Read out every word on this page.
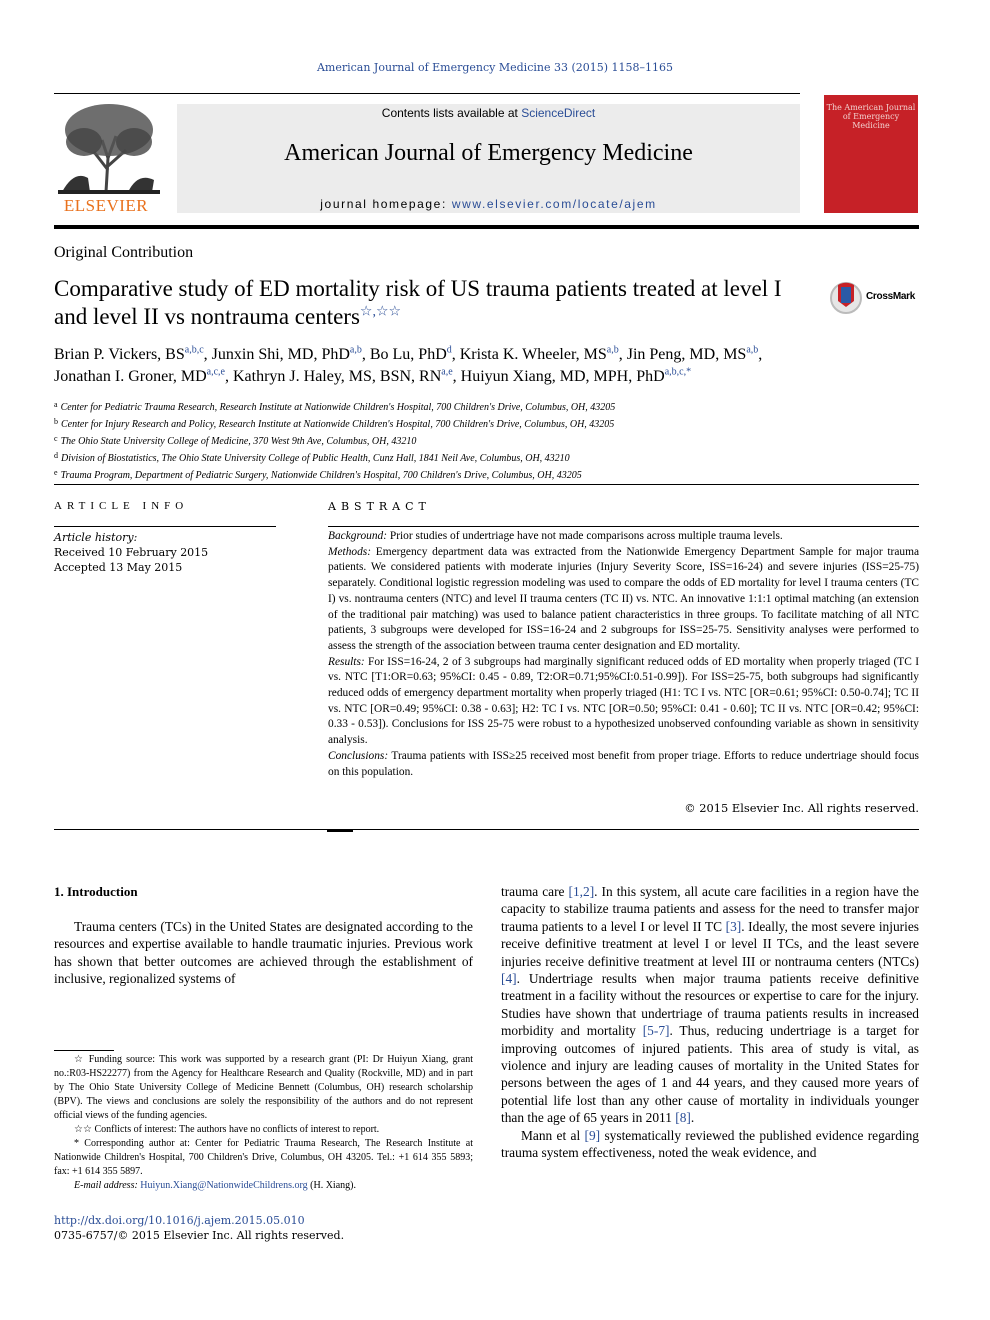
American Journal of Emergency Medicine 33 (2015) 1158–1165
ELSEVIER
Contents lists available at ScienceDirect
American Journal of Emergency Medicine
journal homepage: www.elsevier.com/locate/ajem
The American Journal of Emergency Medicine
Original Contribution
Comparative study of ED mortality risk of US trauma patients treated at level I and level II vs nontrauma centers☆,☆☆
CrossMark
Brian P. Vickers, BS$^{a,b,c}$, Junxin Shi, MD, PhD$^{a,b}$, Bo Lu, PhD$^d$, Krista K. Wheeler, MS$^{a,b}$, Jin Peng, MD, MS$^{a,b}$,
Jonathan I. Groner, MD$^{a,c,e}$, Kathryn J. Haley, MS, BSN, RN$^{a,e}$, Huiyun Xiang, MD, MPH, PhD$^{a,b,c,*}$
$^a$ Center for Pediatric Trauma Research, Research Institute at Nationwide Children's Hospital, 700 Children's Drive, Columbus, OH, 43205
$^b$ Center for Injury Research and Policy, Research Institute at Nationwide Children's Hospital, 700 Children's Drive, Columbus, OH, 43205
$^c$ The Ohio State University College of Medicine, 370 West 9th Ave, Columbus, OH, 43210
$^d$ Division of Biostatistics, The Ohio State University College of Public Health, Cunz Hall, 1841 Neil Ave, Columbus, OH, 43210
$^e$ Trauma Program, Department of Pediatric Surgery, Nationwide Children's Hospital, 700 Children's Drive, Columbus, OH, 43205
ARTICLE INFO
Article history:
Received 10 February 2015
Accepted 13 May 2015
ABSTRACT

Background: Prior studies of undertriage have not made comparisons across multiple trauma levels.

Methods: Emergency department data was extracted from the Nationwide Emergency Department Sample for major trauma patients. We considered patients with moderate injuries (Injury Severity Score, ISS=16-24) and severe injuries (ISS=25-75) separately. Conditional logistic regression modeling was used to compare the odds of ED mortality for level I trauma centers (TC I) vs. nontrauma centers (NTC) and level II trauma centers (TC II) vs. NTC. An innovative 1:1:1 optimal matching (an extension of the traditional pair matching) was used to balance patient characteristics in three groups. To facilitate matching of all NTC patients, 3 subgroups were developed for ISS=16-24 and 2 subgroups for ISS=25-75. Sensitivity analyses were performed to assess the strength of the association between trauma center designation and ED mortality.

Results: For ISS=16-24, 2 of 3 subgroups had marginally significant reduced odds of ED mortality when properly triaged (TC I vs. NTC [T1:OR=0.63; 95%CI: 0.45 - 0.89, T2:OR=0.71;95%CI:0.51-0.99]). For ISS=25-75, both subgroups had significantly reduced odds of emergency department mortality when properly triaged (H1: TC I vs. NTC [OR=0.61; 95%CI: 0.50-0.74]; TC II vs. NTC [OR=0.49; 95%CI: 0.38 - 0.63]; H2: TC I vs. NTC [OR=0.50; 95%CI: 0.41 - 0.60]; TC II vs. NTC [OR=0.42; 95%CI: 0.33 - 0.53]). Conclusions for ISS 25-75 were robust to a hypothesized unobserved confounding variable as shown in sensitivity analysis.

Conclusions: Trauma patients with ISS≥25 received most benefit from proper triage. Efforts to reduce undertriage should focus on this population.

© 2015 Elsevier Inc. All rights reserved.
1. Introduction

Trauma centers (TCs) in the United States are designated according to the resources and expertise available to handle traumatic injuries. Previous work has shown that better outcomes are achieved through the establishment of inclusive, regionalized systems of

trauma care [1,2]. In this system, all acute care facilities in a region have the capacity to stabilize trauma patients and assess for the need to transfer major trauma patients to a level I or level II TC [3]. Ideally, the most severe injuries receive definitive treatment at level I or level II TCs, and the least severe injuries receive definitive treatment at level III or nontrauma centers (NTCs) [4]. Undertriage results when major trauma patients receive definitive treatment in a facility without the resources or expertise to care for the injury. Studies have shown that undertriage of trauma patients results in increased morbidity and mortality [5-7]. Thus, reducing undertriage is a target for improving outcomes of injured patients. This area of study is vital, as violence and injury are leading causes of mortality in the United States for persons between the ages of 1 and 44 years, and they caused more years of potential life lost than any other cause of mortality in individuals younger than the age of 65 years in 2011 [8].

Mann et al [9] systematically reviewed the published evidence regarding trauma system effectiveness, noted the weak evidence, and

☆ Funding source: This work was supported by a research grant (PI: Dr Huiyun Xiang, grant no.:R03-HS22277) from the Agency for Healthcare Research and Quality (Rockville, MD) and in part by The Ohio State University College of Medicine Bennett (Columbus, OH) research scholarship (BPV). The views and conclusions are solely the responsibility of the authors and do not represent official views of the funding agencies.

☆☆ Conflicts of interest: The authors have no conflicts of interest to report.

* Corresponding author at: Center for Pediatric Trauma Research, The Research Institute at Nationwide Children's Hospital, 700 Children's Drive, Columbus, OH 43205. Tel.: +1 614 355 5893; fax: +1 614 355 5897.

E-mail address: Huiyun.Xiang@NationwideChildrens.org (H. Xiang).

http://dx.doi.org/10.1016/j.ajem.2015.05.010
0735-6757/© 2015 Elsevier Inc. All rights reserved.
